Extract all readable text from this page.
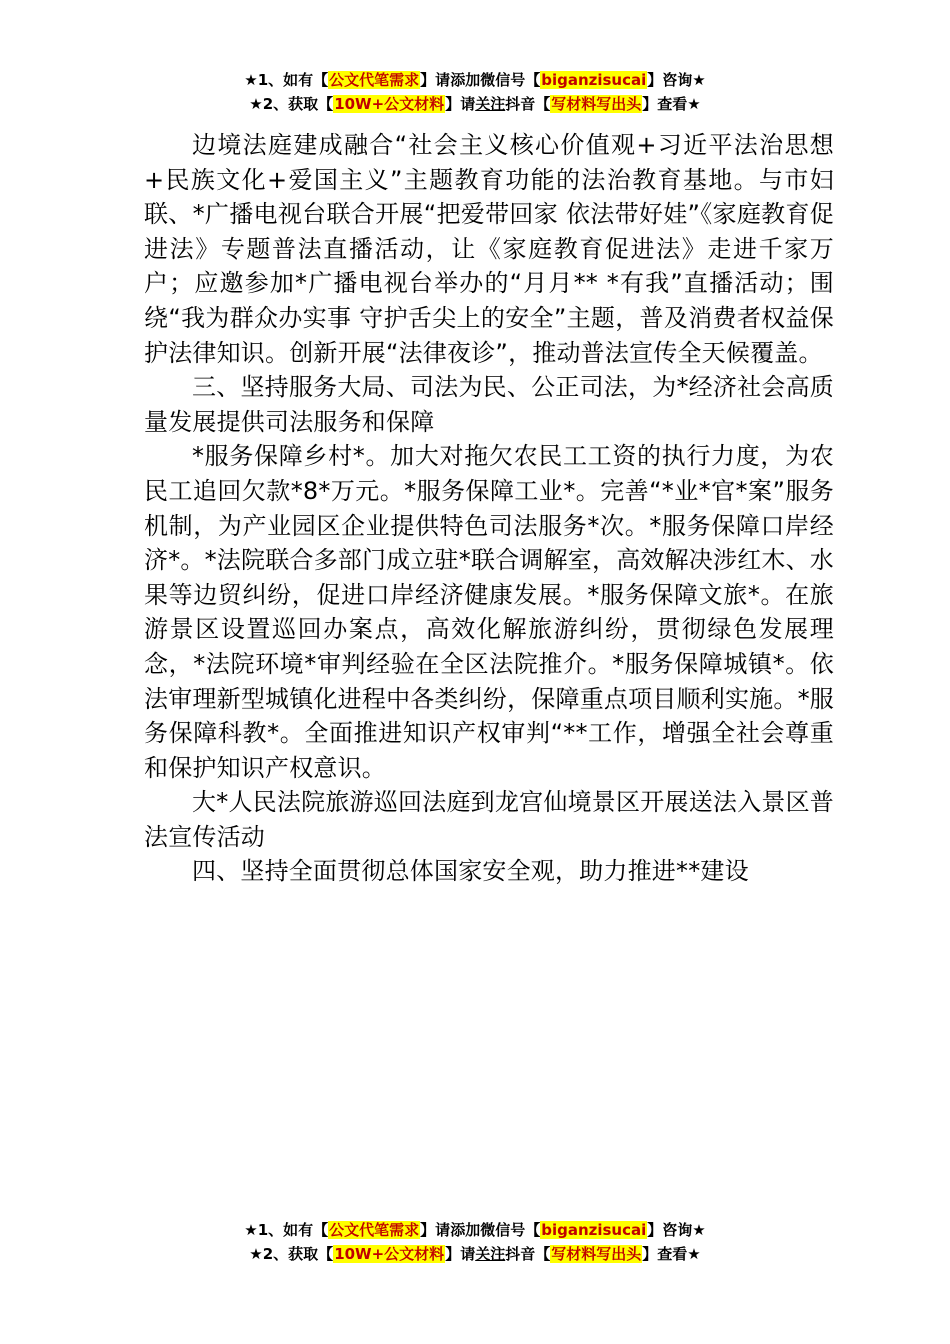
★1、如有【公文代笔需求】请添加微信号【biganzisucai】咨询★
★2、获取【10W+公文材料】请关注抖音【写材料写出头】查看★

边境法庭建成融合“社会主义核心价值观+习近平法治思想+民族文化+爱国主义”主题教育功能的法治教育基地。与市妇联、*广播电视台联合开展“把爱带回家 依法带好娃”《家庭教育促进法》专题普法直播活动，让《家庭教育促进法》走进千家万户；应邀参加*广播电视台举办的“月月** *有我”直播活动；围绕“我为群众办实事 守护舌尖上的安全”主题，普及消费者权益保护法律知识。创新开展“法律夜诊”，推动普法宣传全天候覆盖。

三、坚持服务大局、司法为民、公正司法，为*经济社会高质量发展提供司法服务和保障

*服务保障乡村*。加大对拖欠农民工工资的执行力度，为农民工追回欠款*8*万元。*服务保障工业*。完善“*业*官*案”服务机制，为产业园区企业提供特色司法服务*次。*服务保障口岸经济*。*法院联合多部门成立驻*联合调解室，高效解决涉红木、水果等边贸纠纷，促进口岸经济健康发展。*服务保障文旅*。在旅游景区设置巡回办案点，高效化解旅游纠纷，贯彻绿色发展理念，*法院环境*审判经验在全区法院推介。*服务保障城镇*。依法审理新型城镇化进程中各类纠纷，保障重点项目顺利实施。*服务保障科教*。全面推进知识产权审判“**工作，增强全社会尊重和保护知识产权意识。

大*人民法院旅游巡回法庭到龙宫仙境景区开展送法入景区普法宣传活动

四、坚持全面贯彻总体国家安全观，助力推进**建设

★1、如有【公文代笔需求】请添加微信号【biganzisucai】咨询★
★2、获取【10W+公文材料】请关注抖音【写材料写出头】查看★
